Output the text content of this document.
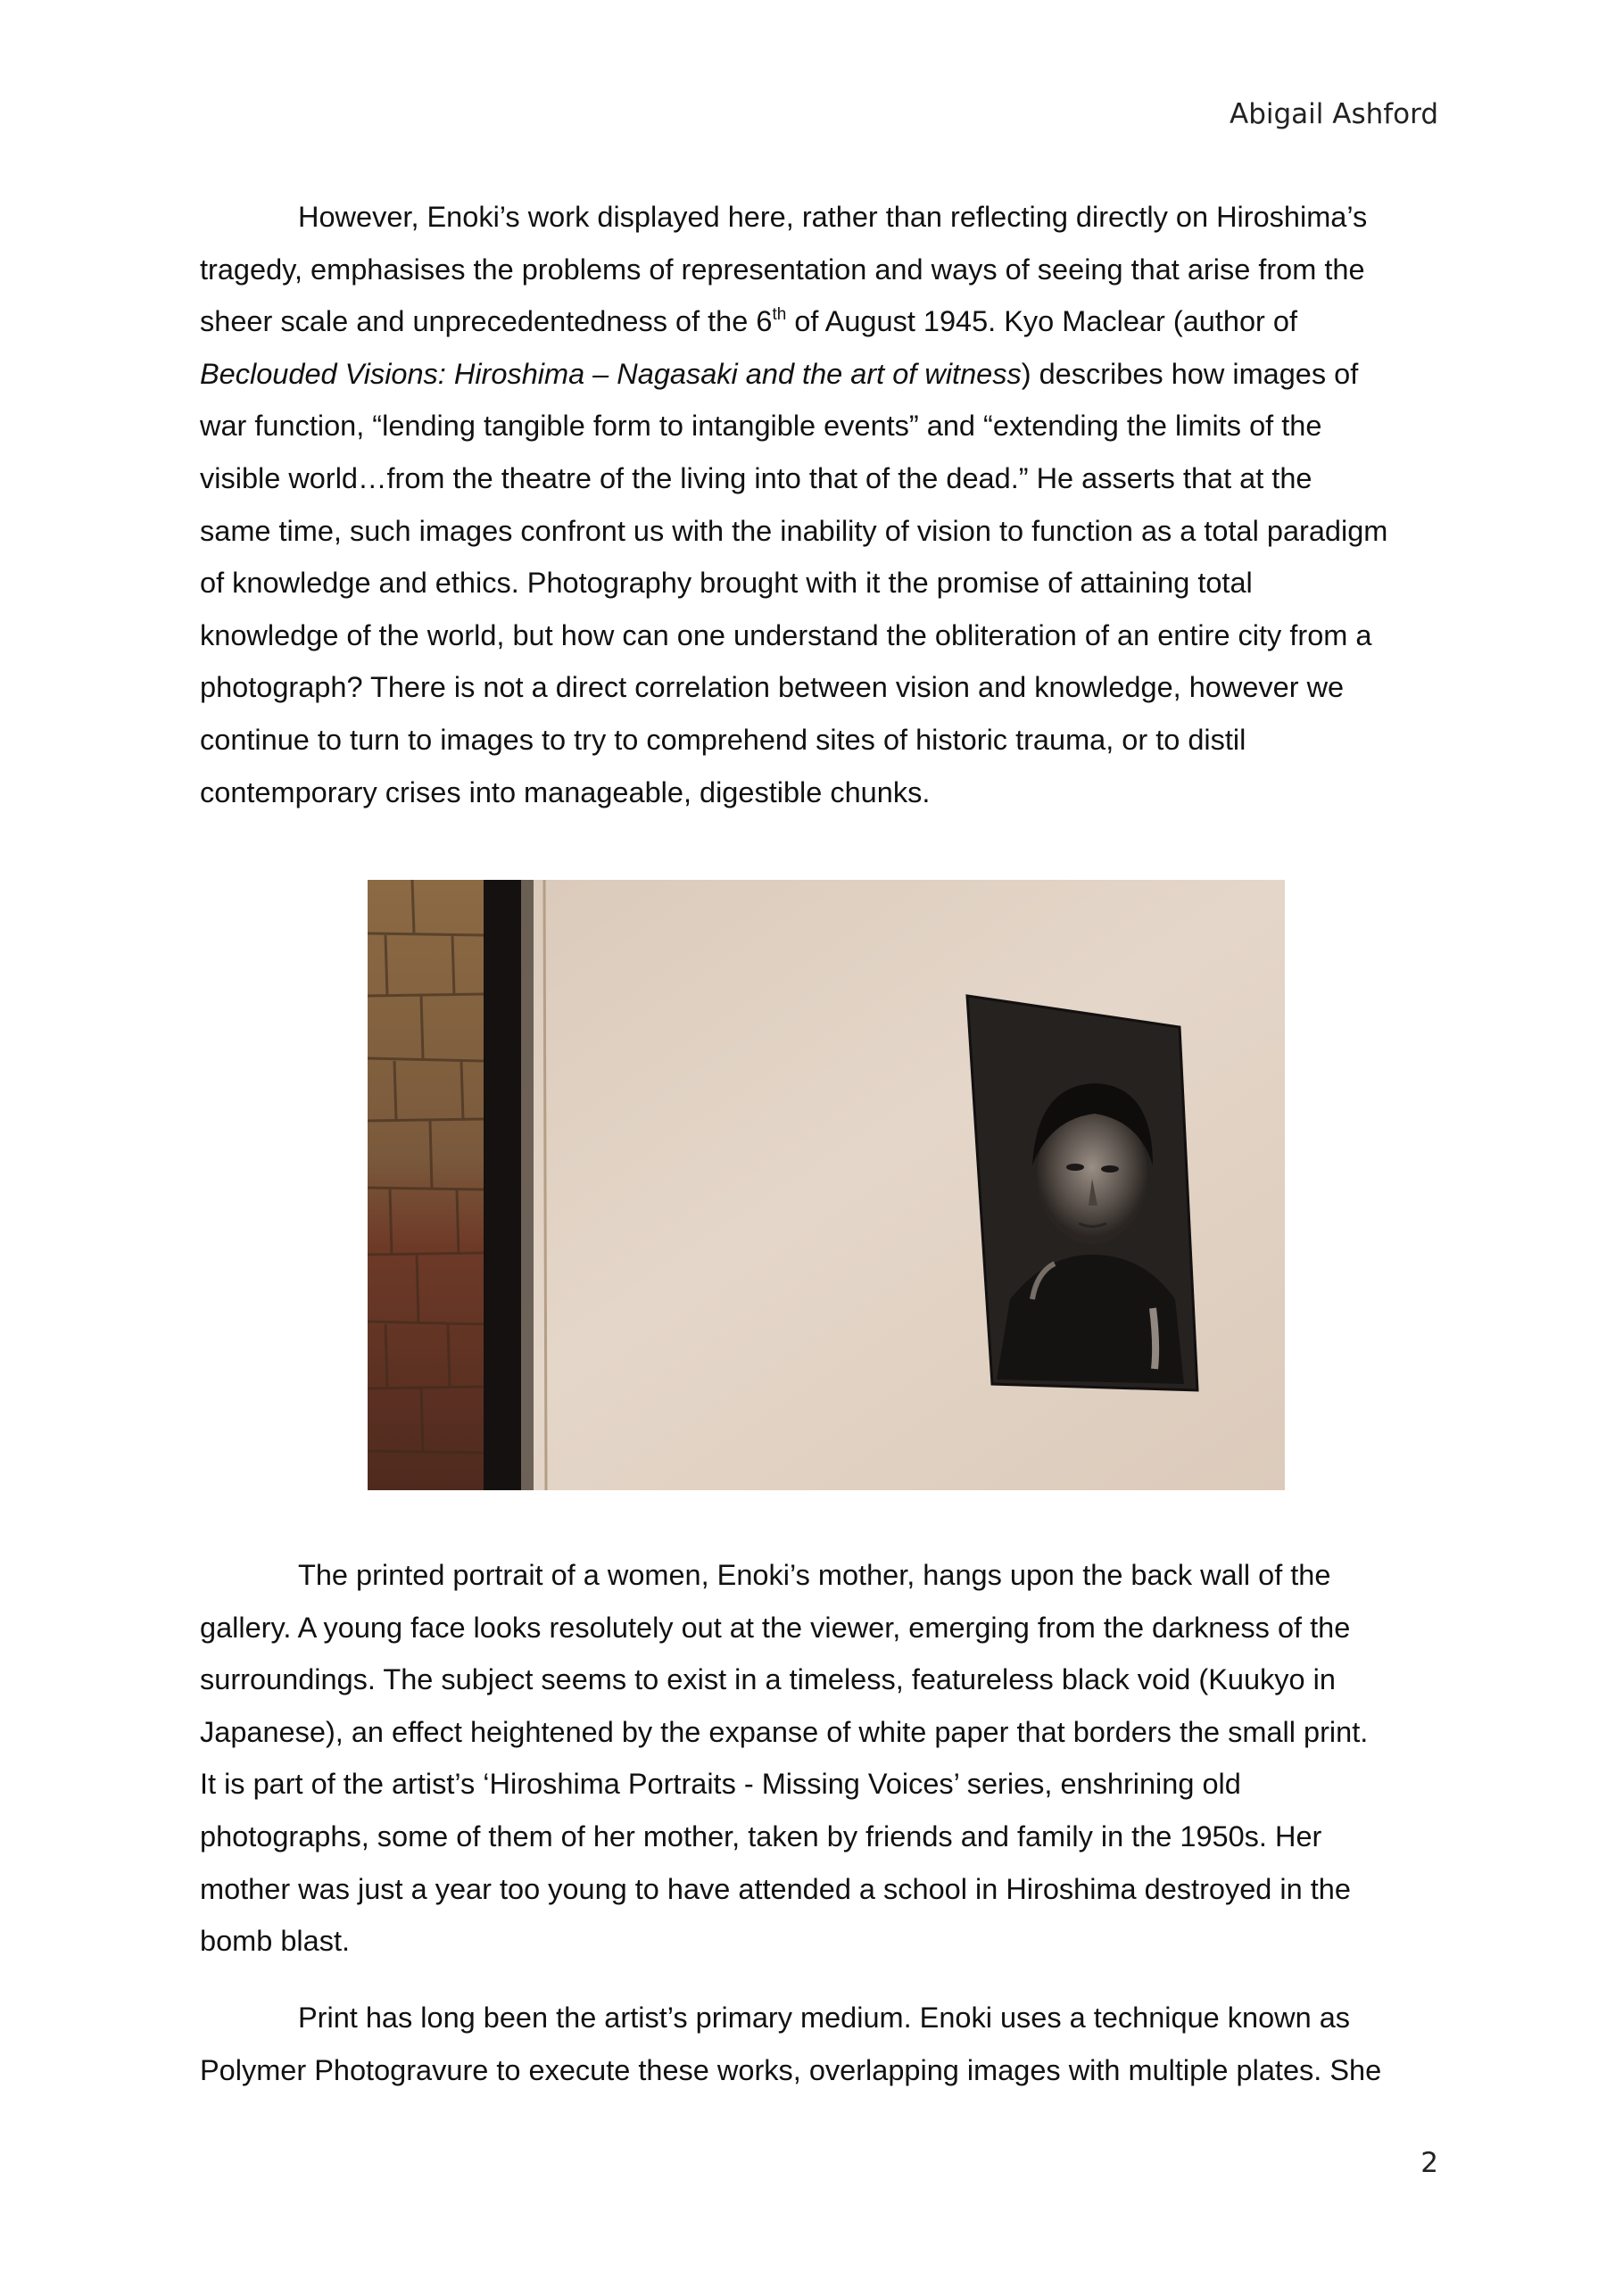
Abigail Ashford
However, Enoki’s work displayed here, rather than reflecting directly on Hiroshima’s
tragedy, emphasises the problems of representation and ways of seeing that arise from the
sheer scale and unprecedentedness of the 6th of August 1945. Kyo Maclear (author of
Beclouded Visions: Hiroshima – Nagasaki and the art of witness) describes how images of
war function, “lending tangible form to intangible events” and “extending the limits of the
visible world…from the theatre of the living into that of the dead.” He asserts that at the
same time, such images confront us with the inability of vision to function as a total paradigm
of knowledge and ethics. Photography brought with it the promise of attaining total
knowledge of the world, but how can one understand the obliteration of an entire city from a
photograph? There is not a direct correlation between vision and knowledge, however we
continue to turn to images to try to comprehend sites of historic trauma, or to distil
contemporary crises into manageable, digestible chunks.
The printed portrait of a women, Enoki’s mother, hangs upon the back wall of the
gallery. A young face looks resolutely out at the viewer, emerging from the darkness of the
surroundings. The subject seems to exist in a timeless, featureless black void (Kuukyo in
Japanese), an effect heightened by the expanse of white paper that borders the small print.
It is part of the artist’s ‘Hiroshima Portraits - Missing Voices’ series, enshrining old
photographs, some of them of her mother, taken by friends and family in the 1950s. Her
mother was just a year too young to have attended a school in Hiroshima destroyed in the
bomb blast.
Print has long been the artist’s primary medium. Enoki uses a technique known as
Polymer Photogravure to execute these works, overlapping images with multiple plates. She
2
